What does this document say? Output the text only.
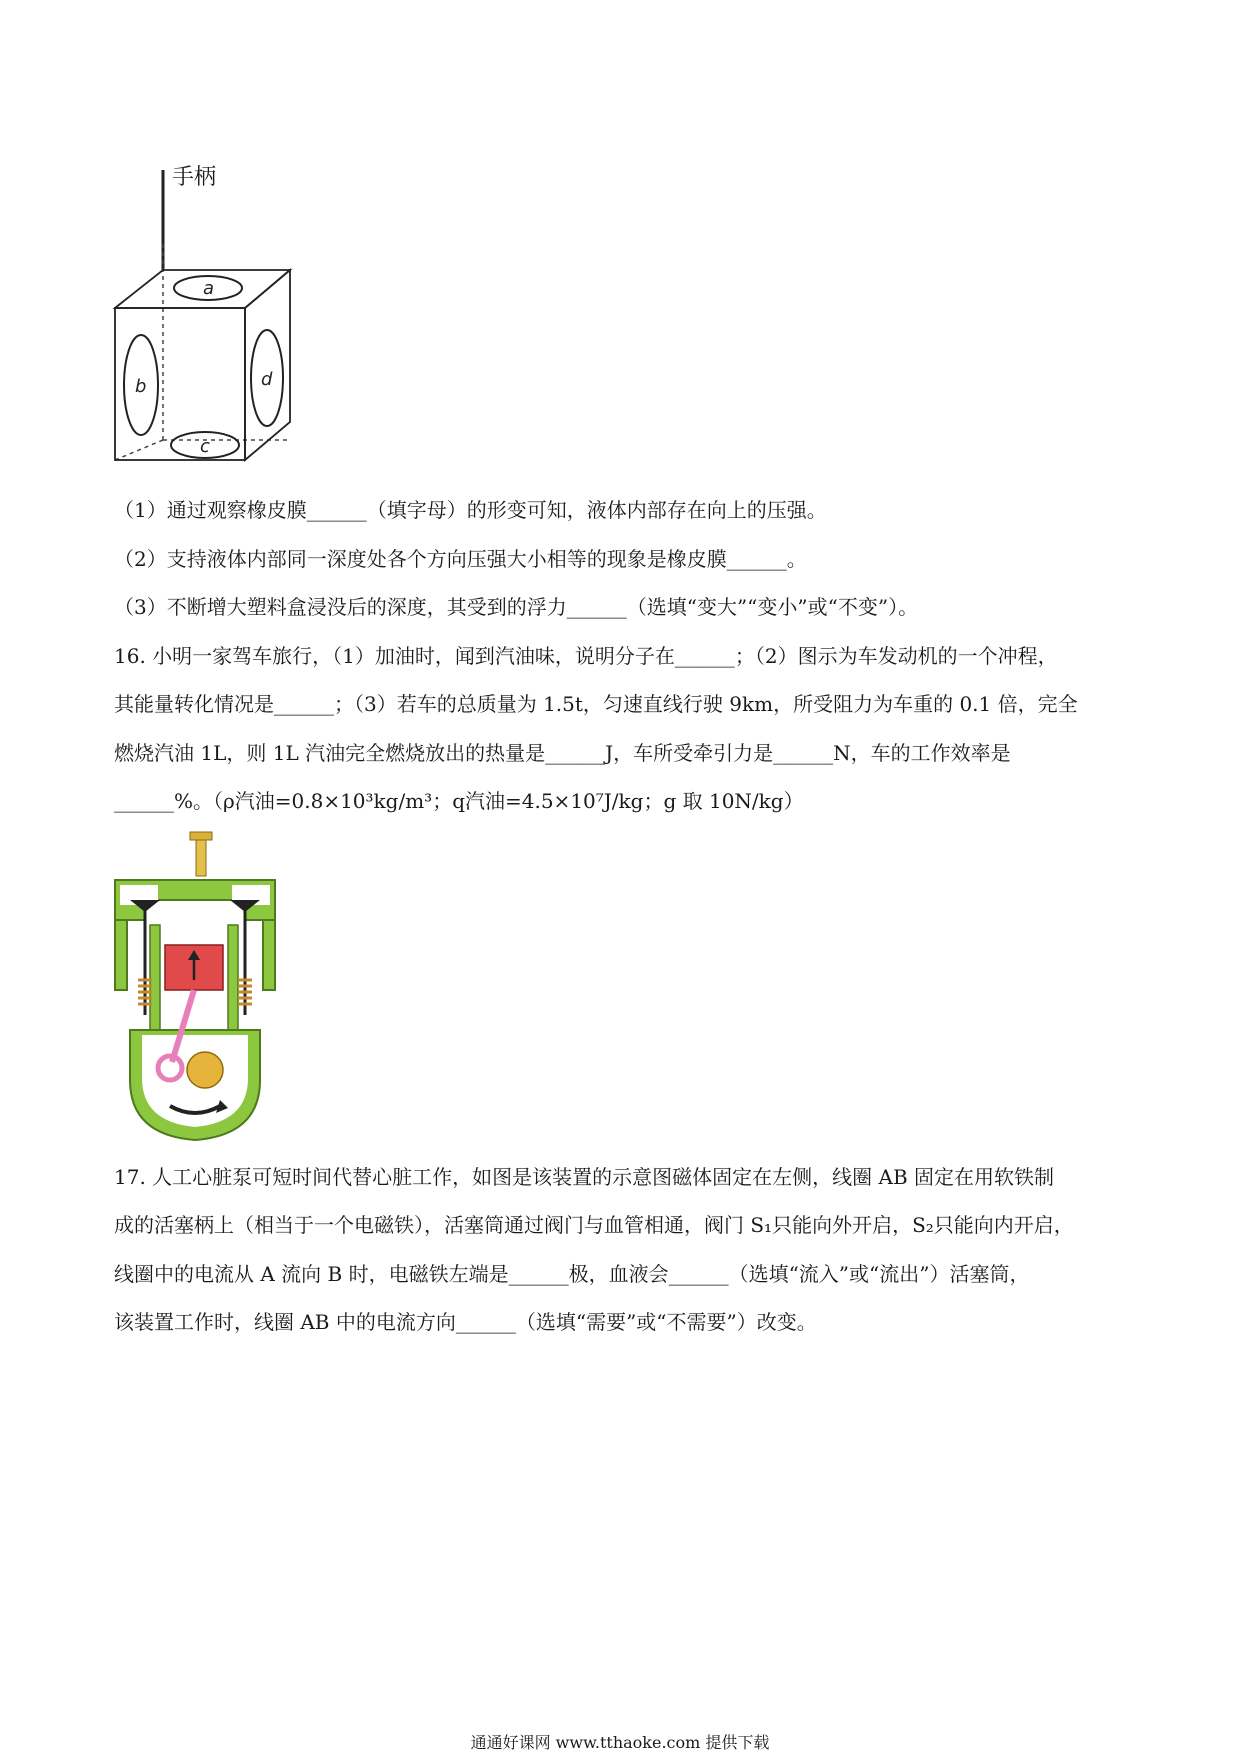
a
b
c
d
手柄
（1）通过观察橡皮膜______（填字母）的形变可知，液体内部存在向上的压强。
（2）支持液体内部同一深度处各个方向压强大小相等的现象是橡皮膜______。
（3）不断增大塑料盒浸没后的深度，其受到的浮力______（选填“变大”“变小”或“不变”）。
16. 小明一家驾车旅行，（1）加油时，闻到汽油味，说明分子在______；（2）图示为车发动机的一个冲程，
其能量转化情况是______；（3）若车的总质量为 1.5t，匀速直线行驶 9km，所受阻力为车重的 0.1 倍，完全
燃烧汽油 1L，则 1L 汽油完全燃烧放出的热量是______J，车所受牵引力是______N，车的工作效率是
______%。（ρ汽油=0.8×10³kg/m³；q汽油=4.5×10⁷J/kg；g 取 10N/kg）
17. 人工心脏泵可短时间代替心脏工作，如图是该装置的示意图磁体固定在左侧，线圈 AB 固定在用软铁制
成的活塞柄上（相当于一个电磁铁），活塞筒通过阀门与血管相通，阀门 S₁只能向外开启，S₂只能向内开启，
线圈中的电流从 A 流向 B 时，电磁铁左端是______极，血液会______（选填“流入”或“流出”）活塞筒，
该装置工作时，线圈 AB 中的电流方向______（选填“需要”或“不需要”）改变。
通通好课网 www.tthaoke.com 提供下载
